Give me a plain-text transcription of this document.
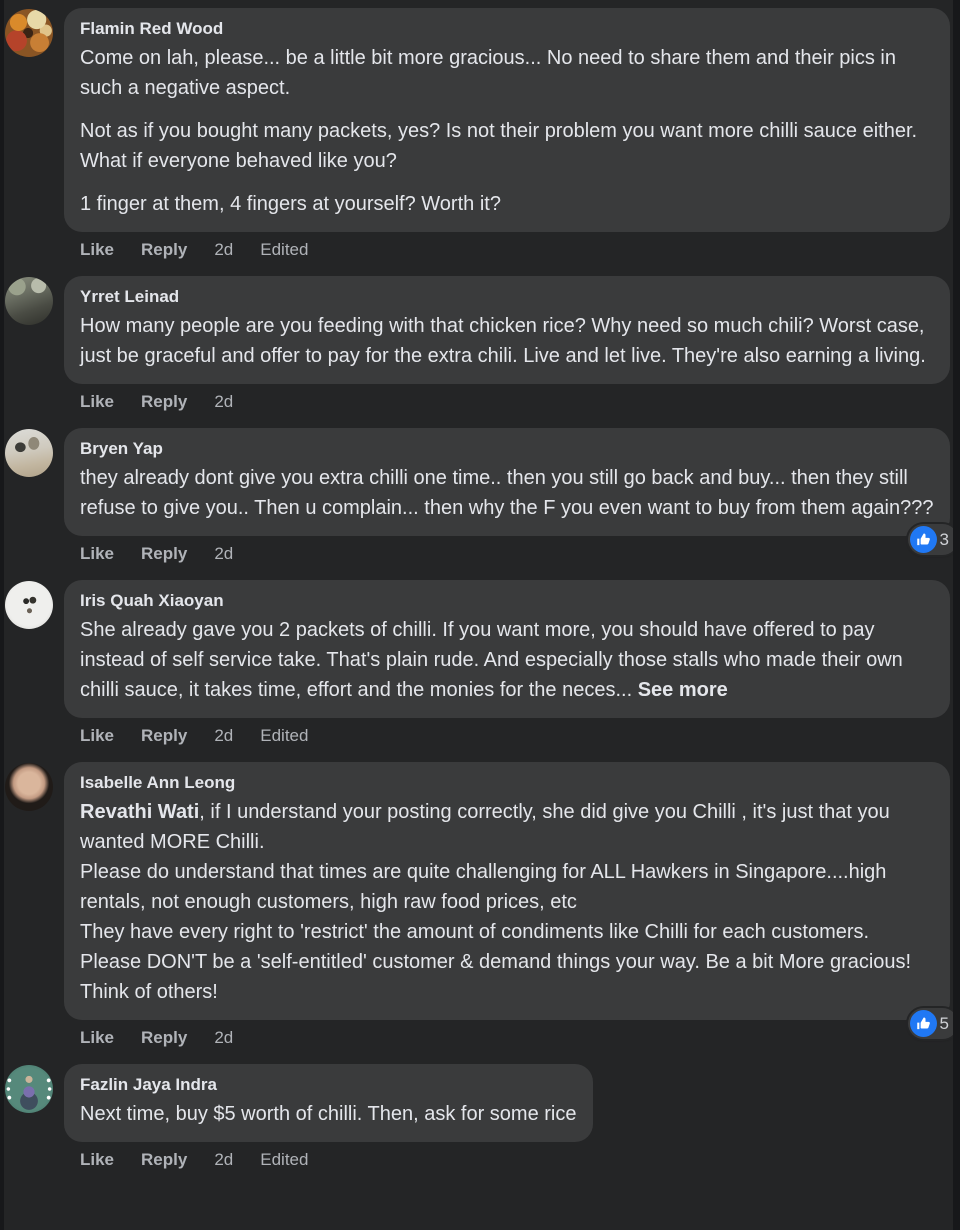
Flamin Red Wood

Come on lah, please... be a little bit more gracious... No need to share them and their pics in such a negative aspect.

Not as if you bought many packets, yes? Is not their problem you want more chilli sauce either. What if everyone behaved like you?

1 finger at them, 4 fingers at yourself? Worth it?

Like Reply 2d Edited
Yrret Leinad

How many people are you feeding with that chicken rice? Why need so much chili? Worst case, just be graceful and offer to pay for the extra chili. Live and let live. They're also earning a living.

Like Reply 2d
Bryen Yap

they already dont give you extra chilli one time.. then you still go back and buy... then they still refuse to give you.. Then u complain... then why the F you even want to buy from them again???

3
Like Reply 2d
Iris Quah Xiaoyan

She already gave you 2 packets of chilli. If you want more, you should have offered to pay instead of self service take. That's plain rude. And especially those stalls who made their own chilli sauce, it takes time, effort and the monies for the neces... See more

Like Reply 2d Edited
Isabelle Ann Leong

Revathi Wati, if I understand your posting correctly, she did give you Chilli , it's just that you wanted MORE Chilli.

Please do understand that times are quite challenging for ALL Hawkers in Singapore....high rentals, not enough customers, high raw food prices, etc

They have every right to 'restrict' the amount of condiments like Chilli for each customers.

Please DON'T be a 'self-entitled' customer & demand things your way. Be a bit More gracious! Think of others!

5
Like Reply 2d
Fazlin Jaya Indra

Next time, buy $5 worth of chilli. Then, ask for some rice

Like Reply 2d Edited
